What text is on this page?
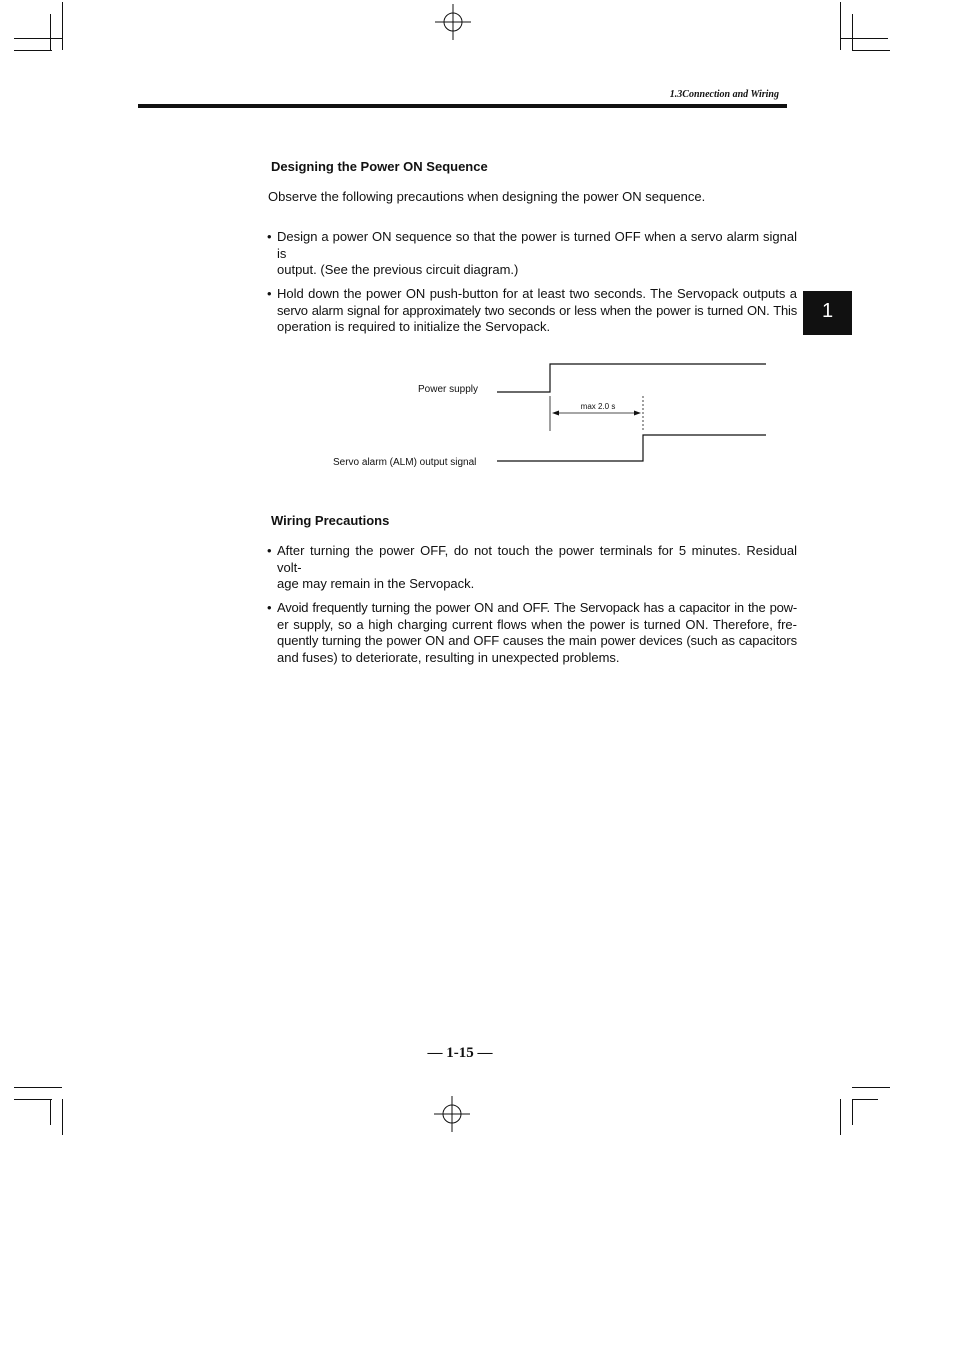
1.3Connection and Wiring
1
Designing the Power ON Sequence
Observe the following precautions when designing the power ON sequence.
• Design a power ON sequence so that the power is turned OFF when a servo alarm signal is
output. (See the previous circuit diagram.)
• Hold down the power ON push-button for at least two seconds. The Servopack outputs a
servo alarm signal for approximately two seconds or less when the power is turned ON. This
operation is required to initialize the Servopack.
Power supply
Servo alarm (ALM) output signal
max 2.0 s
Wiring Precautions
• After turning the power OFF, do not touch the power terminals for 5 minutes. Residual volt-
age may remain in the Servopack.
• Avoid frequently turning the power ON and OFF. The Servopack has a capacitor in the pow-
er supply, so a high charging current flows when the power is turned ON. Therefore, fre-
quently turning the power ON and OFF causes the main power devices (such as capacitors
and fuses) to deteriorate, resulting in unexpected problems.
— 1-15 —
